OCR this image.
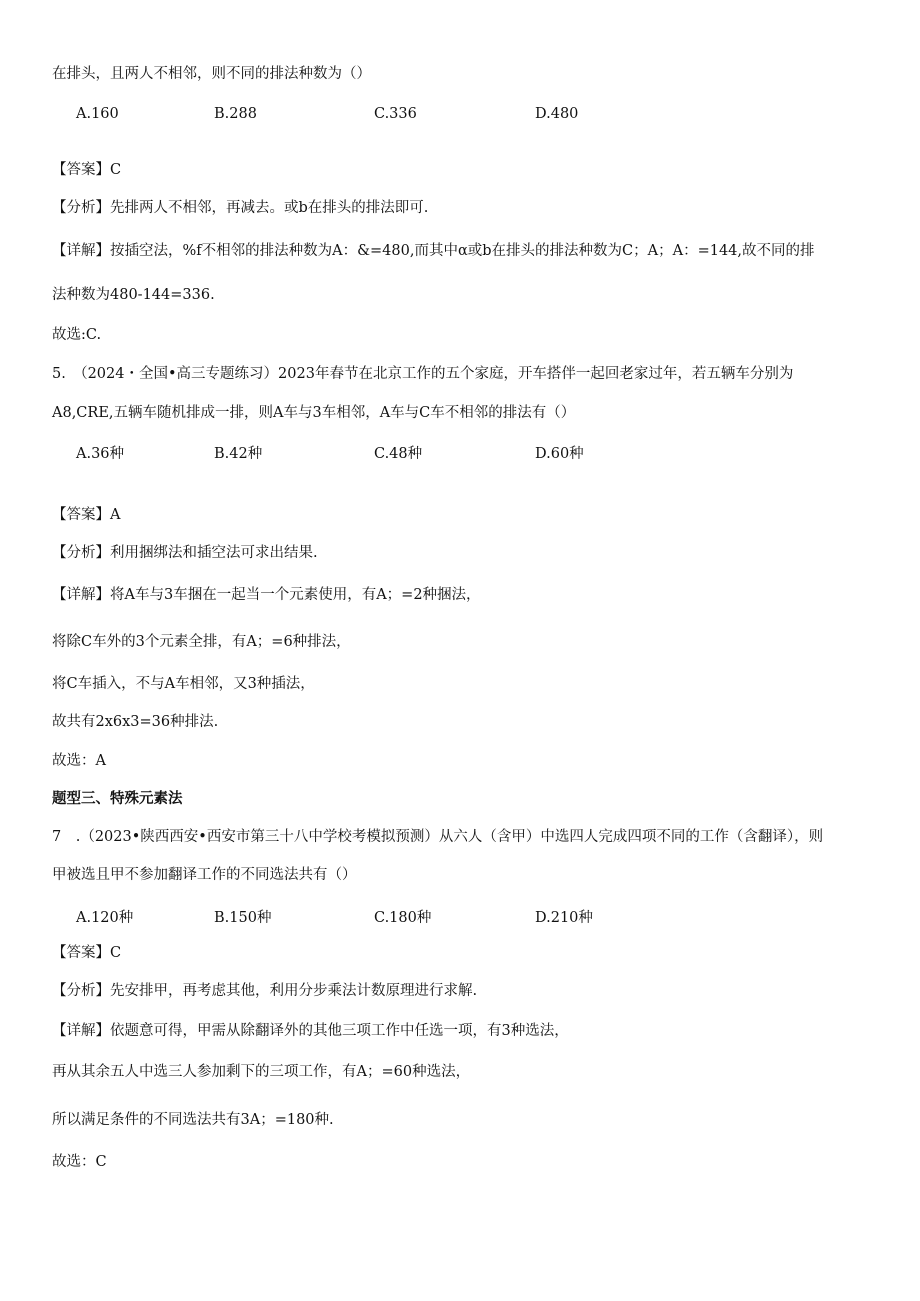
在排头，且两人不相邻，则不同的排法种数为（）
A.160	B.288	C.336	D.480
【答案】C
【分析】先排两人不相邻，再减去。或b在排头的排法即可.
【详解】按插空法，%f不相邻的排法种数为A：&=480,而其中α或b在排头的排法种数为C；A；A：=144,故不同的排
法种数为480-144=336.
故选:C.
5.　（2024・全国•高三专题练习）2023年春节在北京工作的五个家庭，开车搭伴一起回老家过年，若五辆车分别为
A8,CRE,五辆车随机排成一排，则A车与3车相邻，A车与C车不相邻的排法有（）
A.36种	B.42种	C.48种	D.60种
【答案】A
【分析】利用捆绑法和插空法可求出结果.
【详解】将A车与3车捆在一起当一个元素使用，有A；=2种捆法，
将除C车外的3个元素全排，有A；=6种排法，
将C车插入，不与A车相邻，又3种插法，
故共有2x6x3=36种排法.
故选：A
题型三、特殊元素法
7　.（2023•陕西西安•西安市第三十八中学校考模拟预测）从六人（含甲）中选四人完成四项不同的工作（含翻译），则
甲被选且甲不参加翻译工作的不同选法共有（）
A.120种	B.150种	C.180种	D.210种
【答案】C
【分析】先安排甲，再考虑其他，利用分步乘法计数原理进行求解.
【详解】依题意可得，甲需从除翻译外的其他三项工作中任选一项，有3种选法，
再从其余五人中选三人参加剩下的三项工作，有A；=60种选法，
所以满足条件的不同选法共有3A；=180种.
故选：C
